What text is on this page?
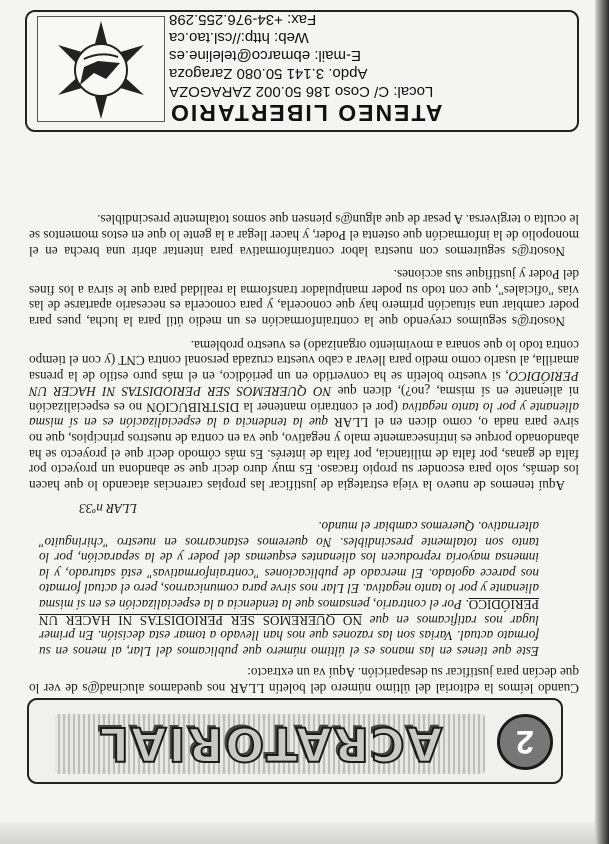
2
ACRATORIAL

Cuando leímos la editorial del último número del boletín LLAR nos quedamos alucinad@s de ver lo que decían para justificar su desaparición. Aquí va un extracto:

Este que tienes en las manos es el último número que publicamos del Llar, al menos en su formato actual. Varias son las razones que nos han llevado a tomar esta decisión. En primer lugar nos ratificamos en que NO QUEREMOS SER PERIODISTAS NI HACER UN PERIÓDICO. Por el contrario, pensamos que la tendencia a la especialización es en sí misma alienante y por lo tanto negativa. El Llar nos sirve para comunicarnos, pero el actual formato nos parece agotado. El mercado de publicaciones "contrainformativas" está saturado, y la inmensa mayoría reproducen los alienantes esquemas del poder y de la separación, por lo tanto son totalmente prescindibles. No queremos estancarnos en nuestro "chiringuito" alternativo. Queremos cambiar el mundo.

LLAR nº33

Aquí tenemos de nuevo la vieja estrategia de justificar las propias carencias atacando lo que hacen los demás, solo para esconder su propio fracaso. Es muy duro decir que se abandona un proyecto por falta de ganas, por falta de militancia, por falta de interés. Es más cómodo decir que el proyecto se ha abandonado porque es intrínsecamente malo y negativo, que va en contra de nuestros principios, que no sirve para nada o, como dicen en el LLAR que la tendencia a la especialización es en sí misma alienante y por lo tanto negativa (por el contrario mantener la DISTRIBUCIÓN no es especialización ni alienante en sí misma, ¿no?), dicen que NO QUEREMOS SER PERIODISTAS NI HACER UN PERIÓDICO, si vuestro boletín se ha convertido en un periódico, en el más puro estilo de la prensa amarilla, al usarlo como medio para llevar a cabo vuestra cruzada personal contra CNT (y con el tiempo contra todo lo que sonara a movimiento organizado) es vuestro problema.

Nosotr@s seguimos creyendo que la contrainformación es un medio útil para la lucha, pues para poder cambiar una situación primero hay que conocerla, y para conocerla es necesario apartarse de las vías "oficiales", que con todo su poder manipulador transforma la realidad para que le sirva a los fines del Poder y justifique sus acciones.

Nosotr@s seguiremos con nuestra labor contrainformativa para intentar abrir una brecha en el monopolio de la información que ostenta el Poder, y hacer llegar a la gente lo que en estos momentos se le oculta o tergiversa. A pesar de que algun@s piensen que somos totalmente prescindibles.

ATENEO LIBERTARIO
Local: C/ Coso 186 50.002 ZARAGOZA
Apdo. 3.141 50.080 Zaragoza
E-mail: ebmarco@teleline.es
Web: http://csl.tao.ca
Fax: +34-976.255.298
